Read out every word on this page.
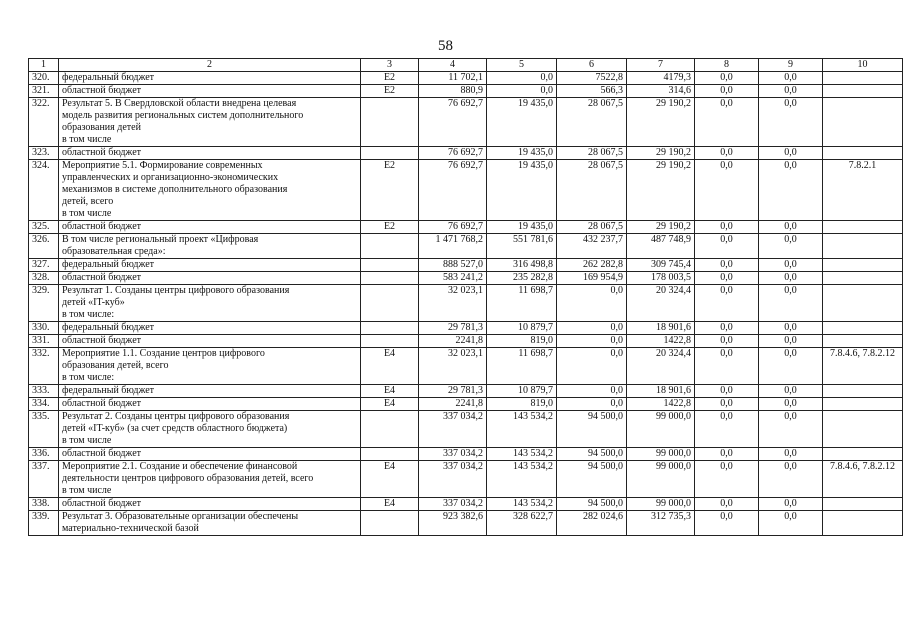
58
1	2	3	4	5	6	7	8	9	10
320.	федеральный бюджет	E2	11 702,1	0,0	7522,8	4179,3	0,0	0,0	
321.	областной бюджет	E2	880,9	0,0	566,3	314,6	0,0	0,0	
322.	Результат 5. В Свердловской области внедрена целевая
модель развития региональных систем дополнительного
образования детей
в том числе		76 692,7	19 435,0	28 067,5	29 190,2	0,0	0,0	
323.	областной бюджет		76 692,7	19 435,0	28 067,5	29 190,2	0,0	0,0	
324.	Мероприятие 5.1. Формирование современных
управленческих и организационно-экономических
механизмов в системе дополнительного образования
детей, всего
в том числе	E2	76 692,7	19 435,0	28 067,5	29 190,2	0,0	0,0	7.8.2.1
325.	областной бюджет	E2	76 692,7	19 435,0	28 067,5	29 190,2	0,0	0,0	
326.	В том числе региональный проект «Цифровая
образовательная среда»:		1 471 768,2	551 781,6	432 237,7	487 748,9	0,0	0,0	
327.	федеральный бюджет		888 527,0	316 498,8	262 282,8	309 745,4	0,0	0,0	
328.	областной бюджет		583 241,2	235 282,8	169 954,9	178 003,5	0,0	0,0	
329.	Результат 1. Созданы центры цифрового образования
детей «IT-куб»
в том числе:		32 023,1	11 698,7	0,0	20 324,4	0,0	0,0	
330.	федеральный бюджет		29 781,3	10 879,7	0,0	18 901,6	0,0	0,0	
331.	областной бюджет		2241,8	819,0	0,0	1422,8	0,0	0,0	
332.	Мероприятие 1.1. Создание центров цифрового
образования детей, всего
в том числе:	E4	32 023,1	11 698,7	0,0	20 324,4	0,0	0,0	7.8.4.6, 7.8.2.12
333.	федеральный бюджет	E4	29 781,3	10 879,7	0,0	18 901,6	0,0	0,0	
334.	областной бюджет	E4	2241,8	819,0	0,0	1422,8	0,0	0,0	
335.	Результат 2. Созданы центры цифрового образования
детей «IT-куб» (за счет средств областного бюджета)
в том числе		337 034,2	143 534,2	94 500,0	99 000,0	0,0	0,0	
336.	областной бюджет		337 034,2	143 534,2	94 500,0	99 000,0	0,0	0,0	
337.	Мероприятие 2.1. Создание и обеспечение финансовой
деятельности центров цифрового образования детей, всего
в том числе	E4	337 034,2	143 534,2	94 500,0	99 000,0	0,0	0,0	7.8.4.6, 7.8.2.12
338.	областной бюджет	E4	337 034,2	143 534,2	94 500,0	99 000,0	0,0	0,0	
339.	Результат 3. Образовательные организации обеспечены
материально-технической базой		923 382,6	328 622,7	282 024,6	312 735,3	0,0	0,0	
